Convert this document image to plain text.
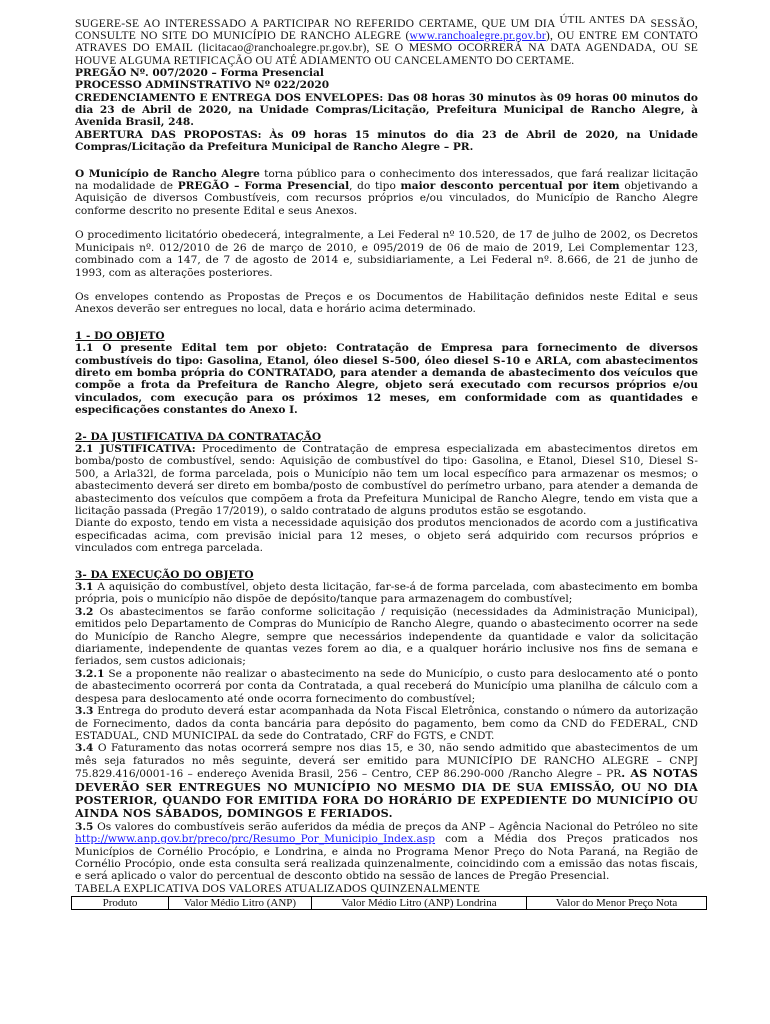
SUGERE-SE AO INTERESSADO A PARTICIPAR NO REFERIDO CERTAME, QUE UM DIA ÚTIL ANTES DA SESSÃO, CONSULTE NO SITE DO MUNICÍPIO DE RANCHO ALEGRE (www.ranchoalegre.pr.gov.br), OU ENTRE EM CONTATO ATRAVES DO EMAIL (licitacao@ranchoalegre.pr.gov.br), SE O MESMO OCORRERÁ NA DATA AGENDADA, OU SE HOUVE ALGUMA RETIFICAÇÃO OU ATÉ ADIAMENTO OU CANCELAMENTO DO CERTAME.

PREGÃO Nº. 007/2020 – Forma Presencial

PROCESSO ADMINSTRATIVO Nº 022/2020

CREDENCIAMENTO E ENTREGA DOS ENVELOPES: Das 08 horas 30 minutos às 09 horas 00 minutos do dia 23 de Abril de 2020, na Unidade Compras/Licitação, Prefeitura Municipal de Rancho Alegre, à Avenida Brasil, 248.

ABERTURA DAS PROPOSTAS: Às 09 horas 15 minutos do dia 23 de Abril de 2020, na Unidade Compras/Licitação da Prefeitura Municipal de Rancho Alegre – PR.

O Município de Rancho Alegre torna público para o conhecimento dos interessados, que fará realizar licitação na modalidade de PREGÃO – Forma Presencial, do tipo maior desconto percentual por item objetivando a Aquisição de diversos Combustíveis, com recursos próprios e/ou vinculados, do Município de Rancho Alegre conforme descrito no presente Edital e seus Anexos.

O procedimento licitatório obedecerá, integralmente, a Lei Federal nº 10.520, de 17 de julho de 2002, os Decretos Municipais nº. 012/2010 de 26 de março de 2010, e 095/2019 de 06 de maio de 2019, Lei Complementar 123, combinado com a 147, de 7 de agosto de 2014 e, subsidiariamente, a Lei Federal nº. 8.666, de 21 de junho de 1993, com as alterações posteriores.

Os envelopes contendo as Propostas de Preços e os Documentos de Habilitação definidos neste Edital e seus Anexos deverão ser entregues no local, data e horário acima determinado.

1 - DO OBJETO

1.1 O presente Edital tem por objeto: Contratação de Empresa para fornecimento de diversos combustíveis do tipo: Gasolina, Etanol, óleo diesel S-500, óleo diesel S-10 e ARLA, com abastecimentos direto em bomba própria do CONTRATADO, para atender a demanda de abastecimento dos veículos que compõe a frota da Prefeitura de Rancho Alegre, objeto será executado com recursos próprios e/ou vinculados, com execução para os próximos 12 meses, em conformidade com as quantidades e especificações constantes do Anexo I.

2- DA JUSTIFICATIVA DA CONTRATAÇÃO

2.1 JUSTIFICATIVA: Procedimento de Contratação de empresa especializada em abastecimentos diretos em bomba/posto de combustível, sendo: Aquisição de combustível do tipo: Gasolina, e Etanol, Diesel S10, Diesel S-500, a Arla32l, de forma parcelada, pois o Município não tem um local específico para armazenar os mesmos; o abastecimento deverá ser direto em bomba/posto de combustível do perímetro urbano, para atender a demanda de abastecimento dos veículos que compõem a frota da Prefeitura Municipal de Rancho Alegre, tendo em vista que a licitação passada (Pregão 17/2019), o saldo contratado de alguns produtos estão se esgotando.

Diante do exposto, tendo em vista a necessidade aquisição dos produtos mencionados de acordo com a justificativa especificadas acima, com previsão inicial para 12 meses, o objeto será adquirido com recursos próprios e vinculados com entrega parcelada.

3- DA EXECUÇÃO DO OBJETO

3.1 A aquisição do combustível, objeto desta licitação, far-se-á de forma parcelada, com abastecimento em bomba própria, pois o município não dispõe de depósito/tanque para armazenagem do combustível;

3.2 Os abastecimentos se farão conforme solicitação / requisição (necessidades da Administração Municipal), emitidos pelo Departamento de Compras do Município de Rancho Alegre, quando o abastecimento ocorrer na sede do Município de Rancho Alegre, sempre que necessários independente da quantidade e valor da solicitação diariamente, independente de quantas vezes forem ao dia, e a qualquer horário inclusive nos fins de semana e feriados, sem custos adicionais;

3.2.1 Se a proponente não realizar o abastecimento na sede do Município, o custo para deslocamento até o ponto de abastecimento ocorrerá por conta da Contratada, a qual receberá do Município uma planilha de cálculo com a despesa para deslocamento até onde ocorra fornecimento do combustível;

3.3 Entrega do produto deverá estar acompanhada da Nota Fiscal Eletrônica, constando o número da autorização de Fornecimento, dados da conta bancária para depósito do pagamento, bem como da CND do FEDERAL, CND ESTADUAL, CND MUNICIPAL da sede do Contratado, CRF do FGTS, e CNDT.

3.4 O Faturamento das notas ocorrerá sempre nos dias 15, e 30, não sendo admitido que abastecimentos de um mês seja faturados no mês seguinte, deverá ser emitido para MUNICÍPIO DE RANCHO ALEGRE – CNPJ 75.829.416/0001-16 – endereço Avenida Brasil, 256 – Centro, CEP 86.290-000 /Rancho Alegre – PR. AS NOTAS DEVERÃO SER ENTREGUES NO MUNICÍPIO NO MESMO DIA DE SUA EMISSÃO, OU NO DIA POSTERIOR, QUANDO FOR EMITIDA FORA DO HORÁRIO DE EXPEDIENTE DO MUNICÍPIO OU AINDA NOS SÁBADOS, DOMINGOS E FERIADOS.

3.5 Os valores do combustíveis serão auferidos da média de preços da ANP – Agência Nacional do Petróleo no site http://www.anp.gov.br/preco/prc/Resumo_Por_Municipio_Index.asp com a Média dos Preços praticados nos Municípios de Cornélio Procópio, e Londrina, e ainda no Programa Menor Preço do Nota Paraná, na Região de Cornélio Procópio, onde esta consulta será realizada quinzenalmente, coincidindo com a emissão das notas fiscais, e será aplicado o valor do percentual de desconto obtido na sessão de lances de Pregão Presencial.

TABELA EXPLICATIVA DOS VALORES ATUALIZADOS QUINZENALMENTE

Produto	Valor Médio Litro (ANP)	Valor Médio Litro (ANP) Londrina	Valor do Menor Preço Nota
